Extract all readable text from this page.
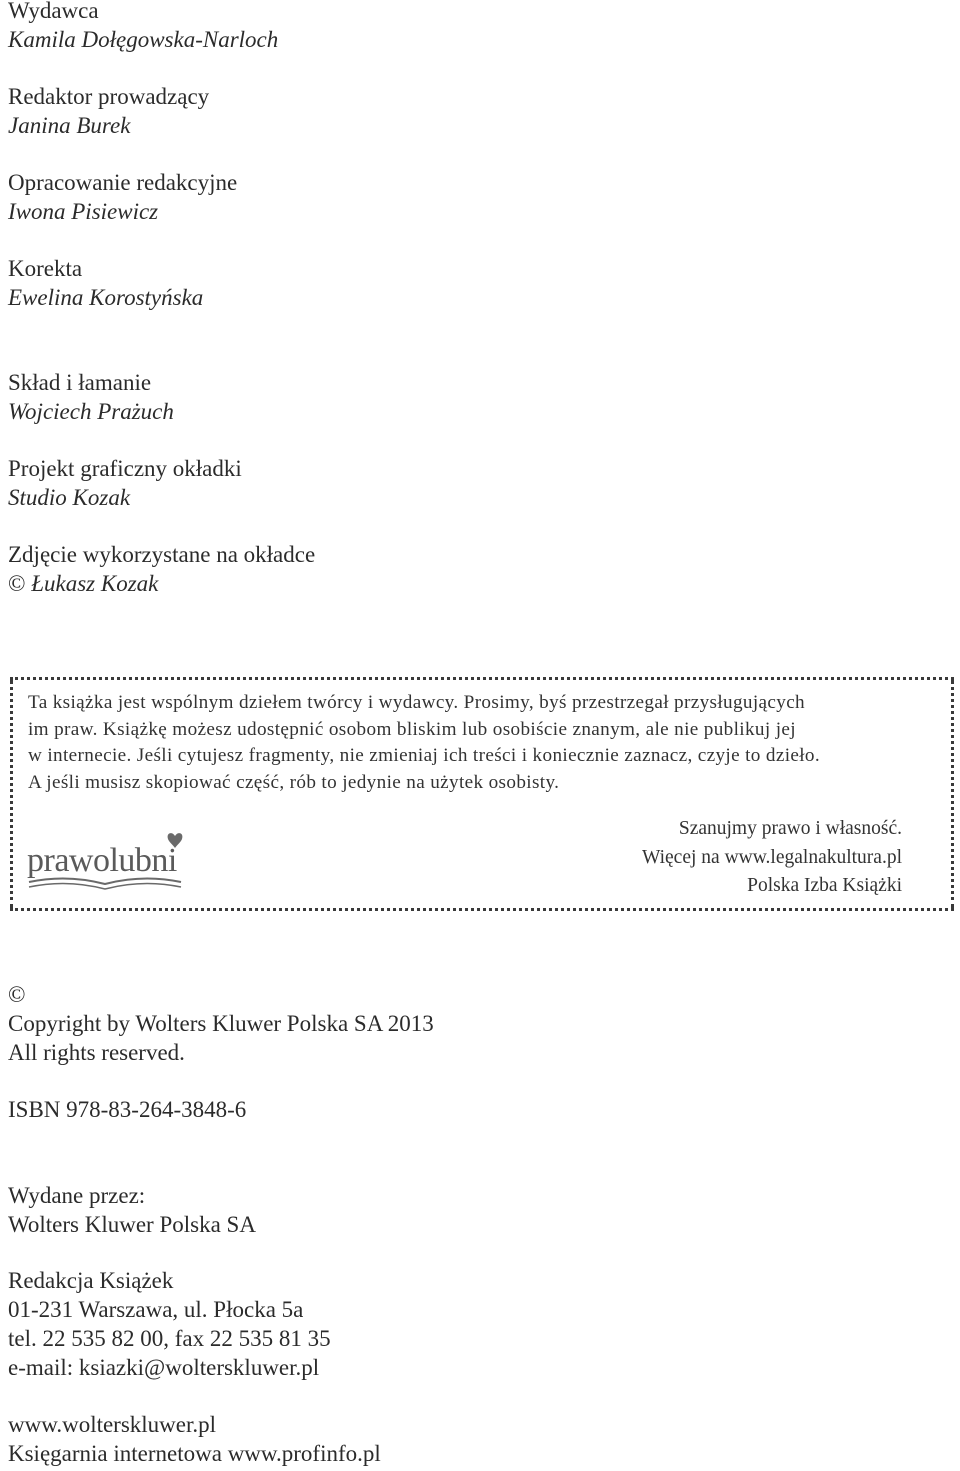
Wydawca
Kamila Dołęgowska-Narloch
Redaktor prowadzący
Janina Burek
Opracowanie redakcyjne
Iwona Pisiewicz
Korekta
Ewelina Korostyńska
Skład i łamanie
Wojciech Prażuch
Projekt graficzny okładki
Studio Kozak
Zdjęcie wykorzystane na okładce
© Łukasz Kozak
Ta książka jest wspólnym dziełem twórcy i wydawcy. Prosimy, byś przestrzegał przysługujących
im praw. Książkę możesz udostępnić osobom bliskim lub osobiście znanym, ale nie publikuj jej
w internecie. Jeśli cytujesz fragmenty, nie zmieniaj ich treści i koniecznie zaznacz, czyje to dzieło.
A jeśli musisz skopiować część, rób to jedynie na użytek osobisty.
prawolubni
Szanujmy prawo i własność.
Więcej na www.legalnakultura.pl
Polska Izba Książki
©
Copyright by Wolters Kluwer Polska SA 2013
All rights reserved.
ISBN 978-83-264-3848-6
Wydane przez:
Wolters Kluwer Polska SA
Redakcja Książek
01-231 Warszawa, ul. Płocka 5a
tel. 22 535 82 00, fax 22 535 81 35
e-mail: ksiazki@wolterskluwer.pl
www.wolterskluwer.pl
Księgarnia internetowa www.profinfo.pl
